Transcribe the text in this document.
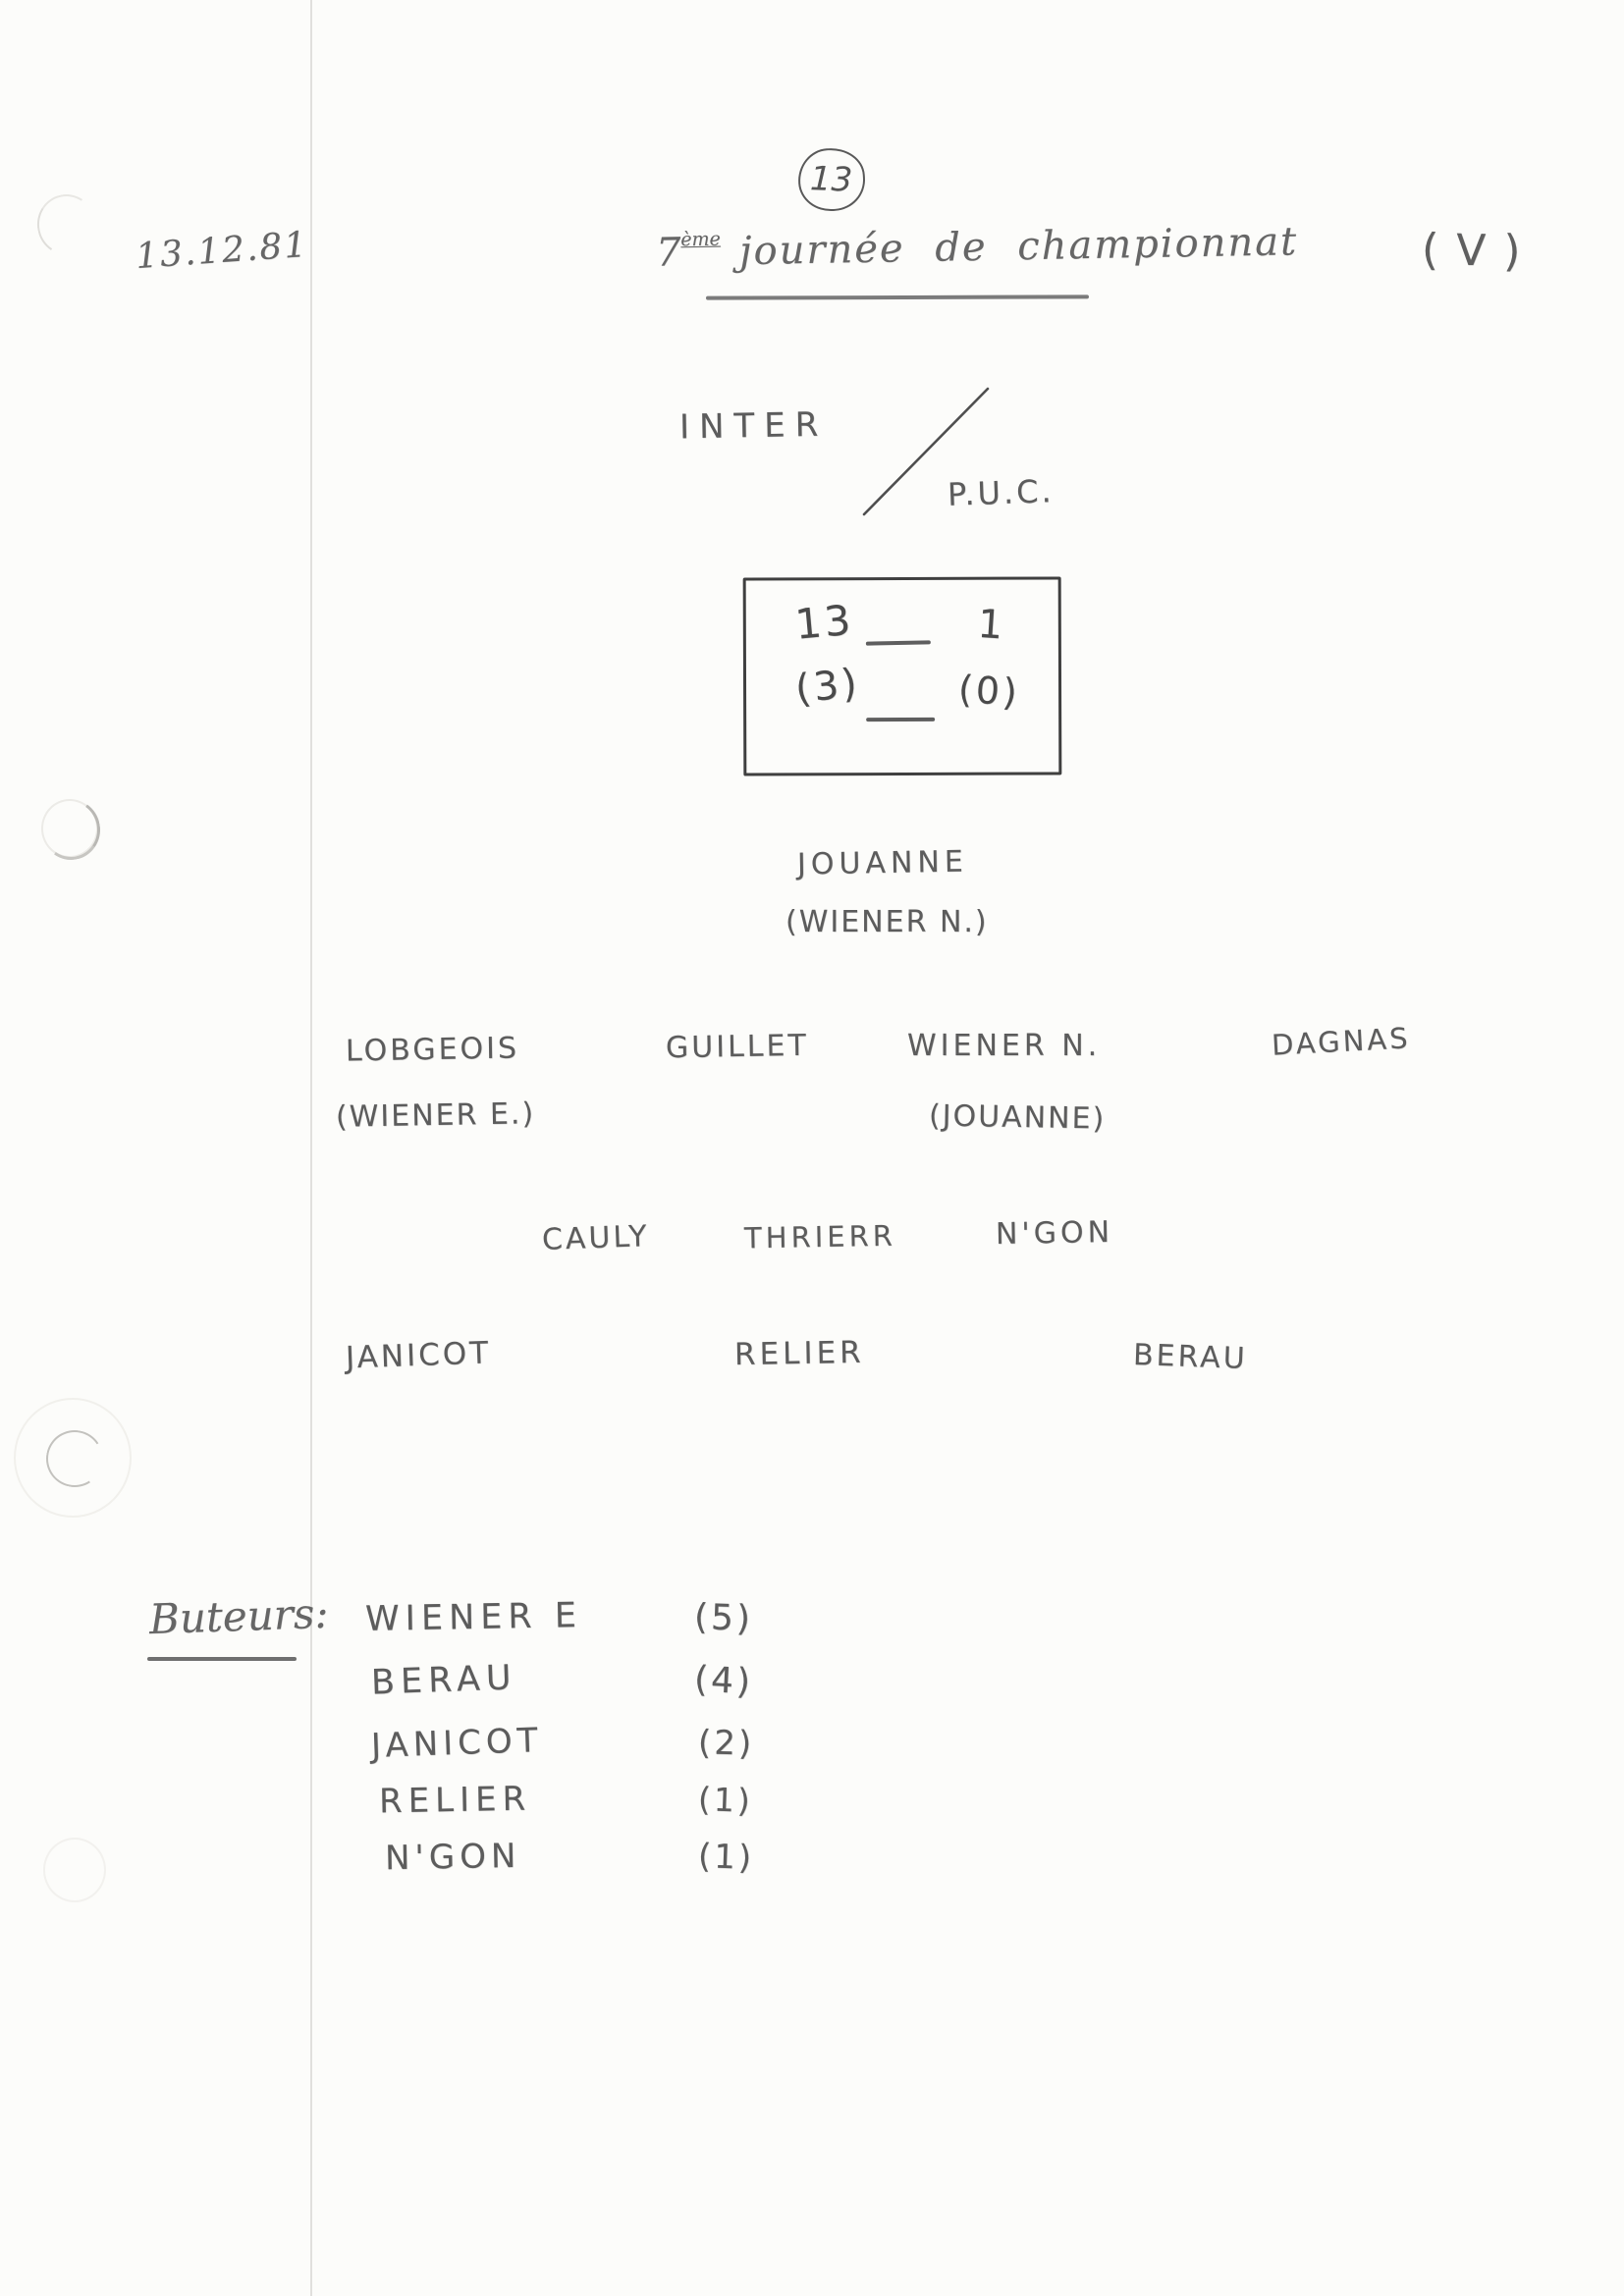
13.12.81
13
7ème journée de championnat	( V )
INTER
P.U.C.
13	1
(3)	(0)
JOUANNE
(WIENER N.)
LOBGEOIS
(WIENER E.)
GUILLET	WIENER N.
(JOUANNE)
DAGNAS
CAULY	THRIERR	N'GON
JANICOT	RELIER	BERAU
Buteurs: WIENER E	(5)
BERAU	(4)
JANICOT	(2)
RELIER	(1)
N'GON	(1)
